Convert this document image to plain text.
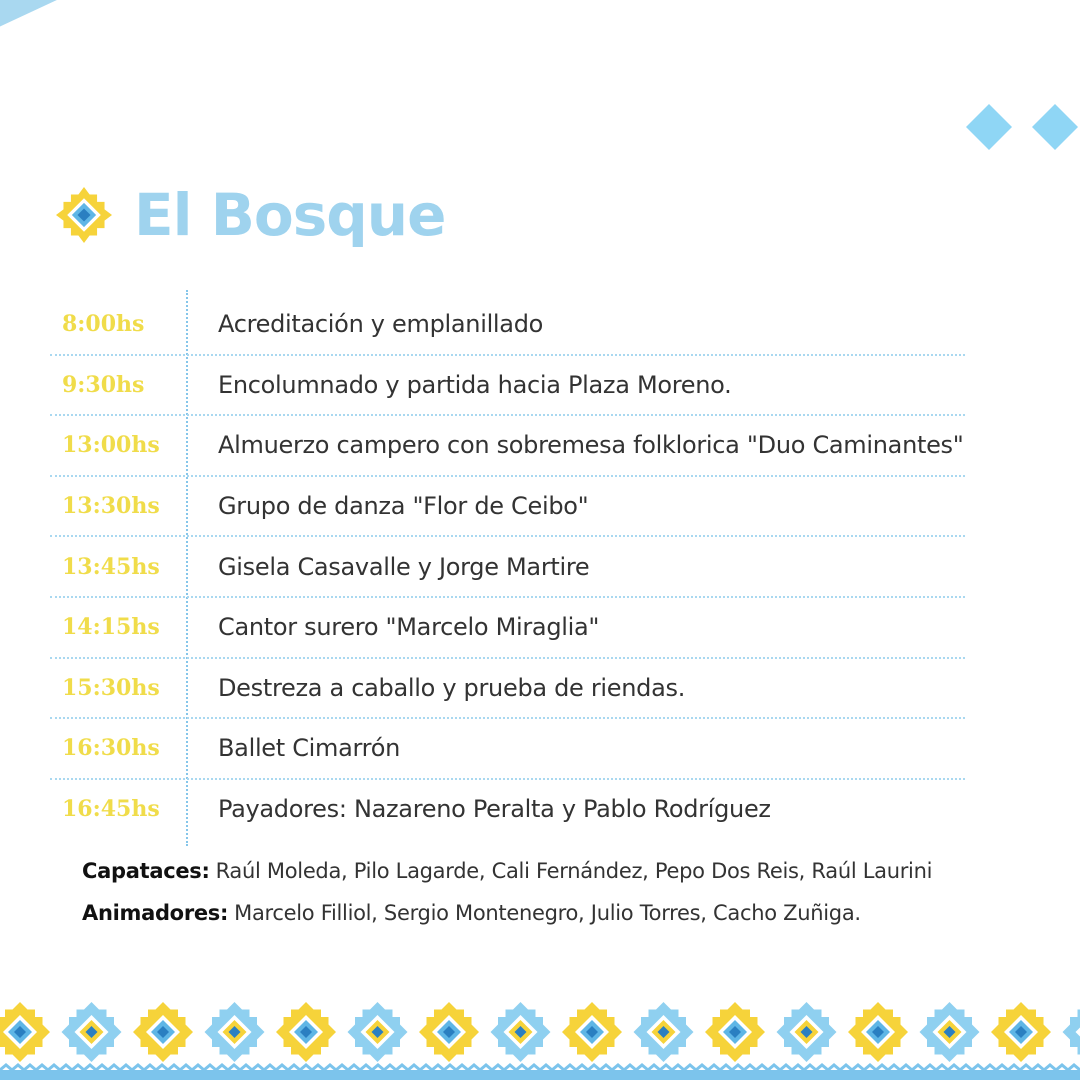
El Bosque
8:00hs	Acreditación y emplanillado
9:30hs	Encolumnado y partida hacia Plaza Moreno.
13:00hs	Almuerzo campero con sobremesa folklorica "Duo Caminantes"
13:30hs	Grupo de danza "Flor de Ceibo"
13:45hs	Gisela Casavalle y Jorge Martire
14:15hs	Cantor surero "Marcelo Miraglia"
15:30hs	Destreza a caballo y prueba de riendas.
16:30hs	Ballet Cimarrón
16:45hs	Payadores: Nazareno Peralta y Pablo Rodríguez
Capataces: Raúl Moleda, Pilo Lagarde, Cali Fernández, Pepo Dos Reis, Raúl Laurini
Animadores: Marcelo Filliol, Sergio Montenegro, Julio Torres, Cacho Zuñiga.
